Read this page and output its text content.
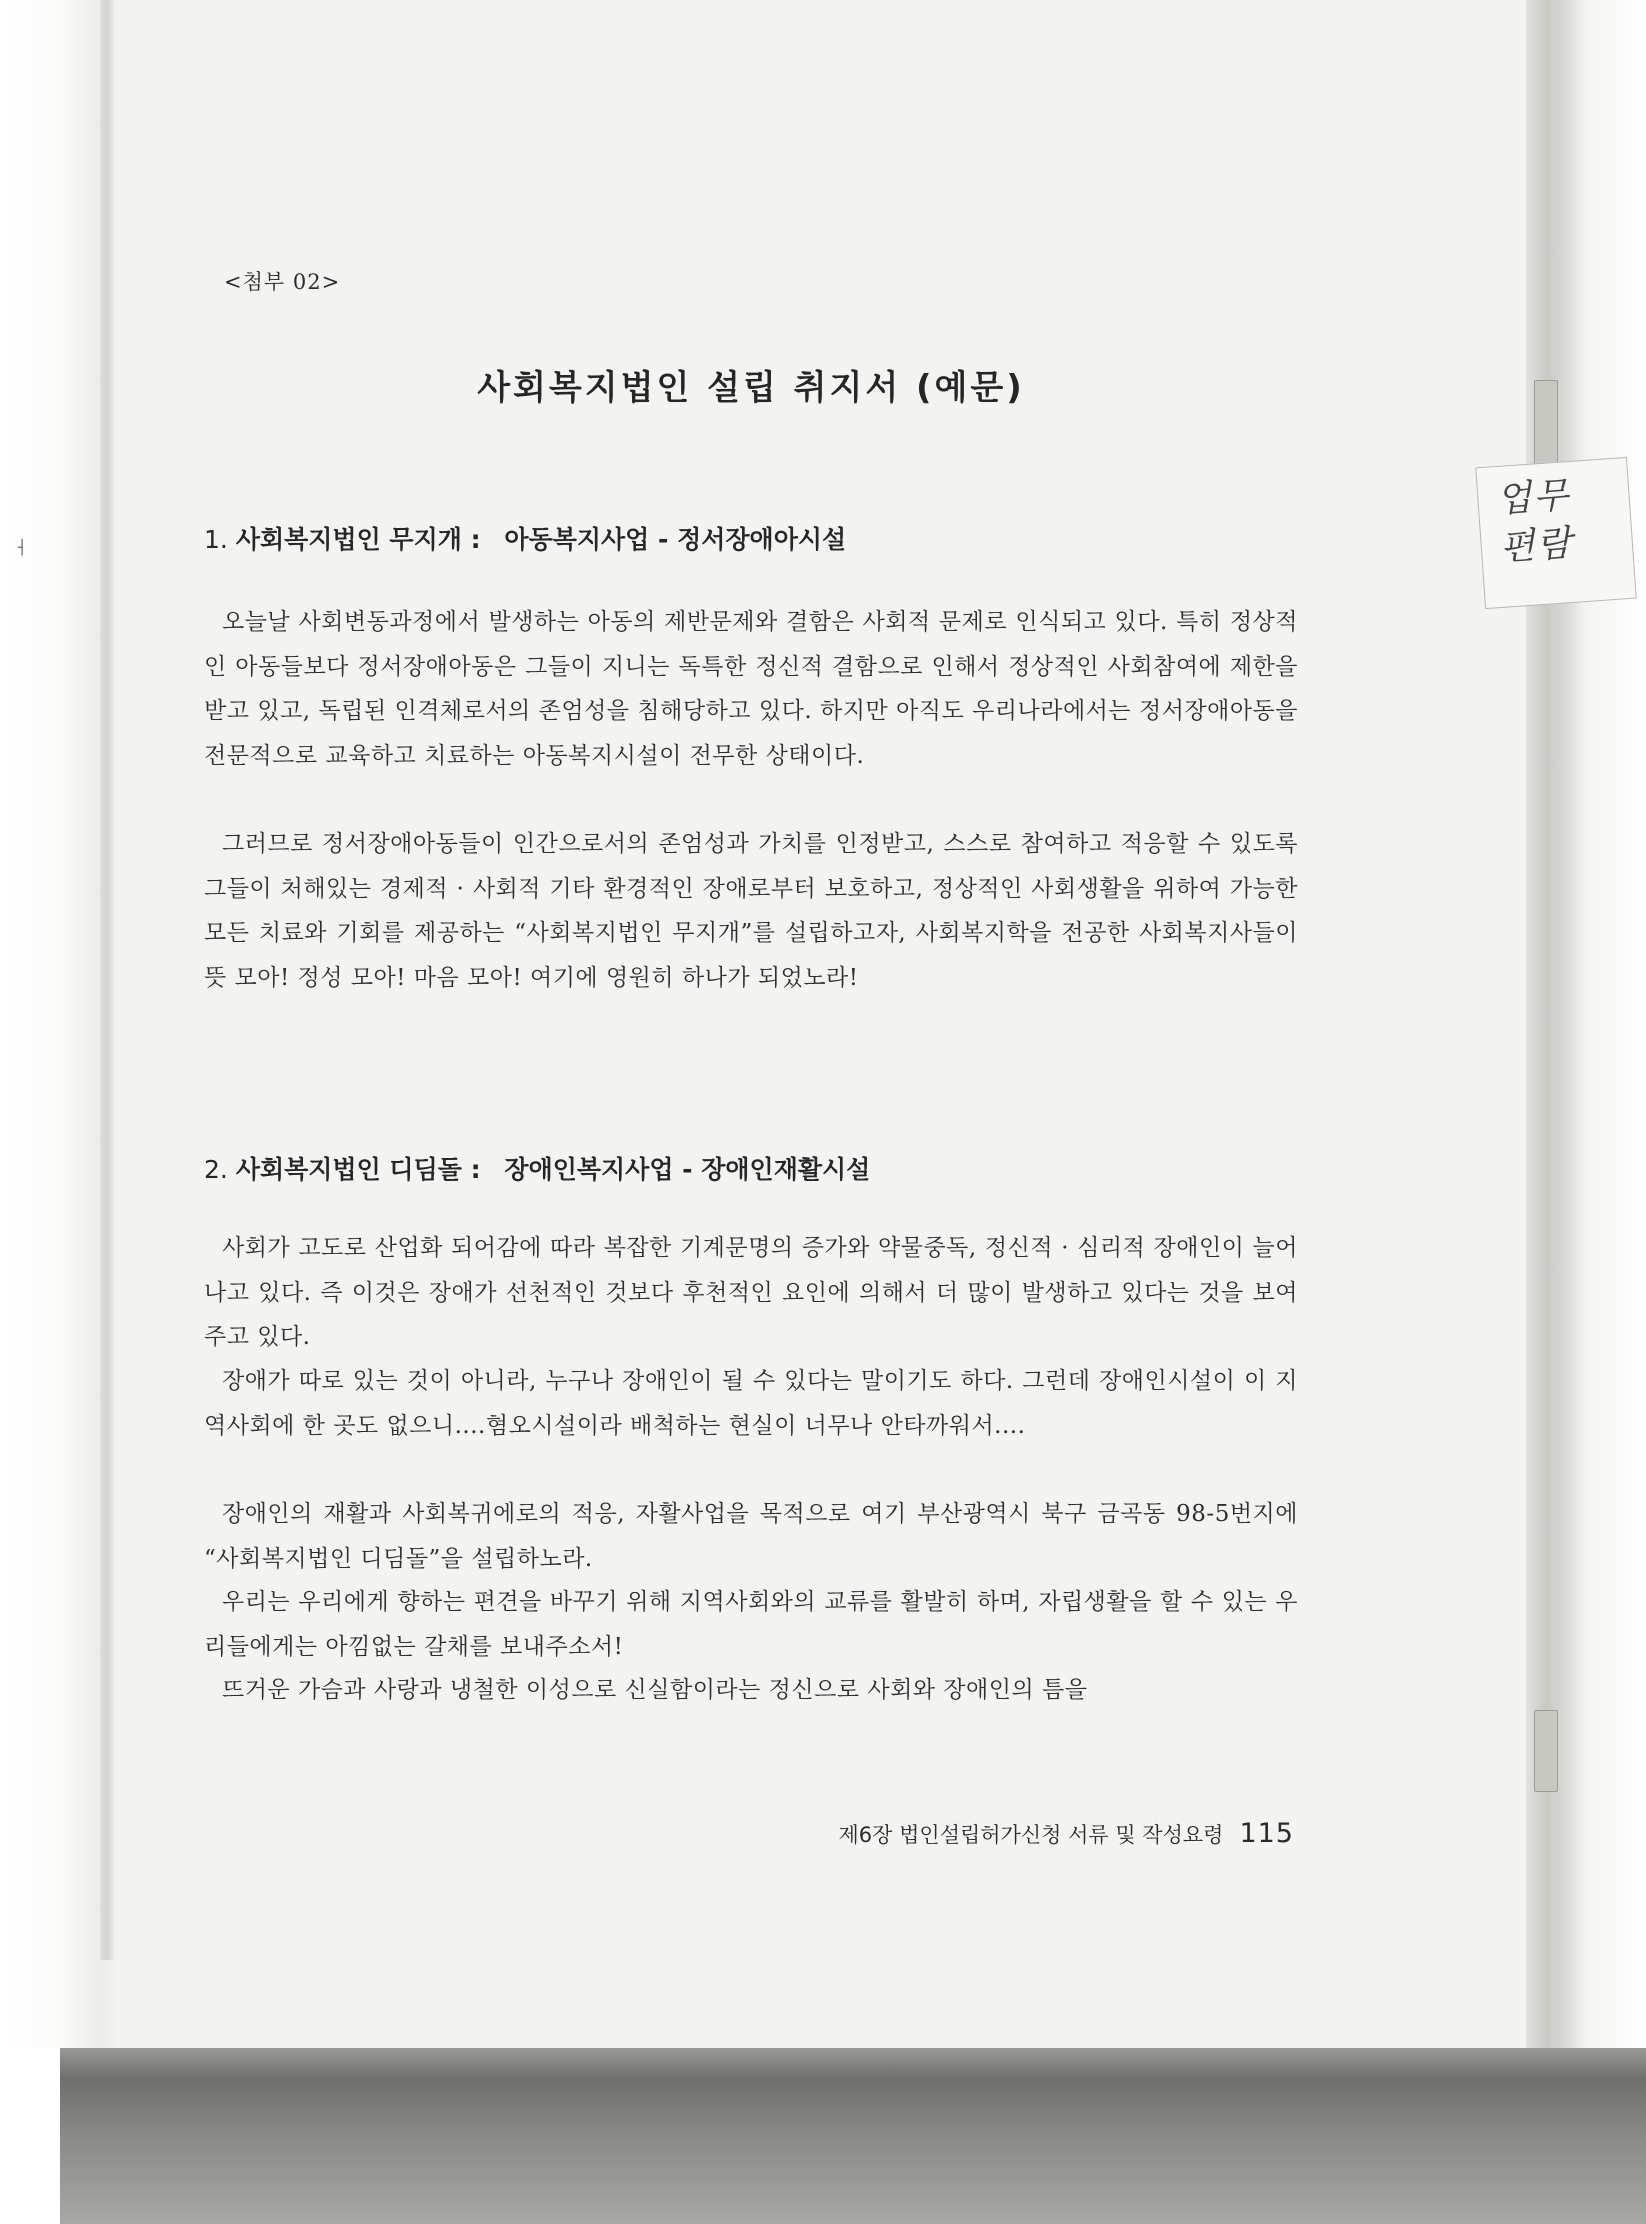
업무 편람
┤
<첨부 02>
사회복지법인 설립 취지서 (예문)
1. 사회복지법인 무지개 : 아동복지사업 - 정서장애아시설

오늘날 사회변동과정에서 발생하는 아동의 제반문제와 결함은 사회적 문제로 인식되고 있다. 특히 정상적인 아동들보다 정서장애아동은 그들이 지니는 독특한 정신적 결함으로 인해서 정상적인 사회참여에 제한을 받고 있고, 독립된 인격체로서의 존엄성을 침해당하고 있다. 하지만 아직도 우리나라에서는 정서장애아동을 전문적으로 교육하고 치료하는 아동복지시설이 전무한 상태이다.

그러므로 정서장애아동들이 인간으로서의 존엄성과 가치를 인정받고, 스스로 참여하고 적응할 수 있도록 그들이 처해있는 경제적 · 사회적 기타 환경적인 장애로부터 보호하고, 정상적인 사회생활을 위하여 가능한 모든 치료와 기회를 제공하는 “사회복지법인 무지개”를 설립하고자, 사회복지학을 전공한 사회복지사들이 뜻 모아! 정성 모아! 마음 모아! 여기에 영원히 하나가 되었노라!

2. 사회복지법인 디딤돌 : 장애인복지사업 - 장애인재활시설

사회가 고도로 산업화 되어감에 따라 복잡한 기계문명의 증가와 약물중독, 정신적 · 심리적 장애인이 늘어나고 있다. 즉 이것은 장애가 선천적인 것보다 후천적인 요인에 의해서 더 많이 발생하고 있다는 것을 보여주고 있다.

장애가 따로 있는 것이 아니라, 누구나 장애인이 될 수 있다는 말이기도 하다. 그런데 장애인시설이 이 지역사회에 한 곳도 없으니....혐오시설이라 배척하는 현실이 너무나 안타까워서....

장애인의 재활과 사회복귀에로의 적응, 자활사업을 목적으로 여기 부산광역시 북구 금곡동 98-5번지에 “사회복지법인 디딤돌”을 설립하노라.

우리는 우리에게 향하는 편견을 바꾸기 위해 지역사회와의 교류를 활발히 하며, 자립생활을 할 수 있는 우리들에게는 아낌없는 갈채를 보내주소서!

뜨거운 가슴과 사랑과 냉철한 이성으로 신실함이라는 정신으로 사회와 장애인의 틈을

제6장 법인설립허가신청 서류 및 작성요령 115
